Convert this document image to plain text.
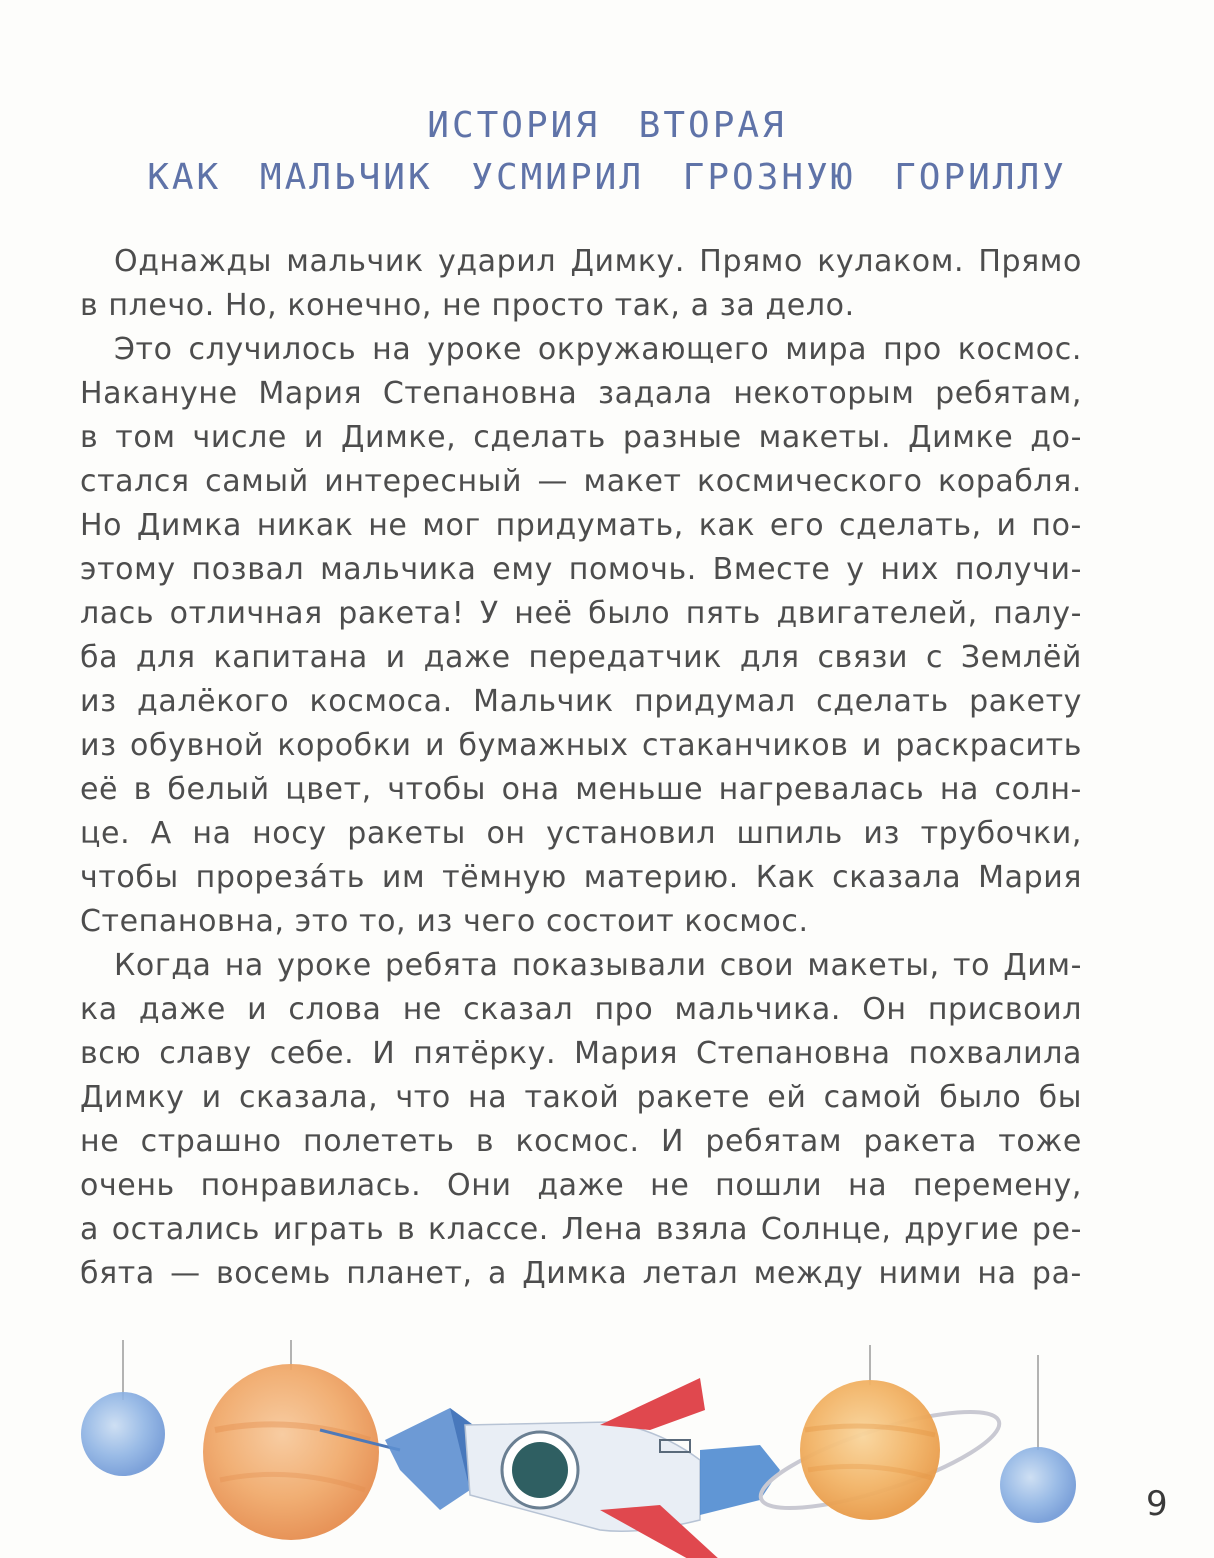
ИСТОРИЯ ВТОРАЯ
КАК МАЛЬЧИК УСМИРИЛ ГРОЗНУЮ ГОРИЛЛУ
Однажды мальчик ударил Димку. Прямо кулаком. Прямо
в плечо. Но, конечно, не просто так, а за дело.
Это случилось на уроке окружающего мира про космос.
Накануне Мария Степановна задала некоторым ребятам,
в том числе и Димке, сделать разные макеты. Димке до-
стался самый интересный — макет космического корабля.
Но Димка никак не мог придумать, как его сделать, и по-
этому позвал мальчика ему помочь. Вместе у них получи-
лась отличная ракета! У неё было пять двигателей, палу-
ба для капитана и даже передатчик для связи с Землёй
из далёкого космоса. Мальчик придумал сделать ракету
из обувной коробки и бумажных стаканчиков и раскрасить
её в белый цвет, чтобы она меньше нагревалась на солн-
це. А на носу ракеты он установил шпиль из трубочки,
чтобы прореза́ть им тёмную материю. Как сказала Мария
Степановна, это то, из чего состоит космос.
Когда на уроке ребята показывали свои макеты, то Дим-
ка даже и слова не сказал про мальчика. Он присвоил
всю славу себе. И пятёрку. Мария Степановна похвалила
Димку и сказала, что на такой ракете ей самой было бы
не страшно полететь в космос. И ребятам ракета тоже
очень понравилась. Они даже не пошли на перемену,
а остались играть в классе. Лена взяла Солнце, другие ре-
бята — восемь планет, а Димка летал между ними на ра-
9
